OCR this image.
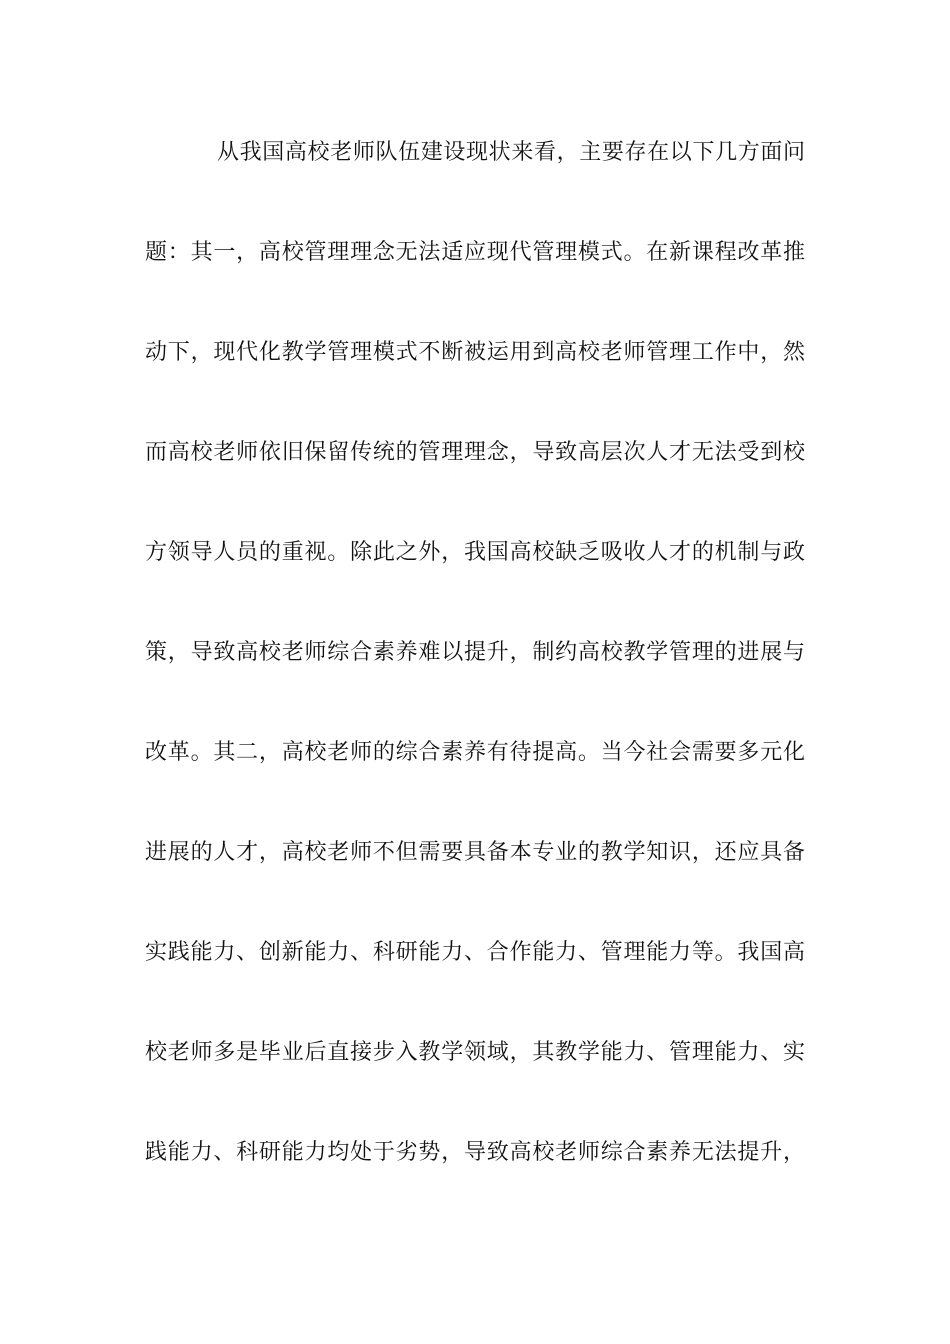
从我国高校老师队伍建设现状来看，主要存在以下几方面问
题：其一，高校管理理念无法适应现代管理模式。在新课程改革推
动下，现代化教学管理模式不断被运用到高校老师管理工作中，然
而高校老师依旧保留传统的管理理念，导致高层次人才无法受到校
方领导人员的重视。除此之外，我国高校缺乏吸收人才的机制与政
策，导致高校老师综合素养难以提升，制约高校教学管理的进展与
改革。其二，高校老师的综合素养有待提高。当今社会需要多元化
进展的人才，高校老师不但需要具备本专业的教学知识，还应具备
实践能力、创新能力、科研能力、合作能力、管理能力等。我国高
校老师多是毕业后直接步入教学领域，其教学能力、管理能力、实
践能力、科研能力均处于劣势，导致高校老师综合素养无法提升，
